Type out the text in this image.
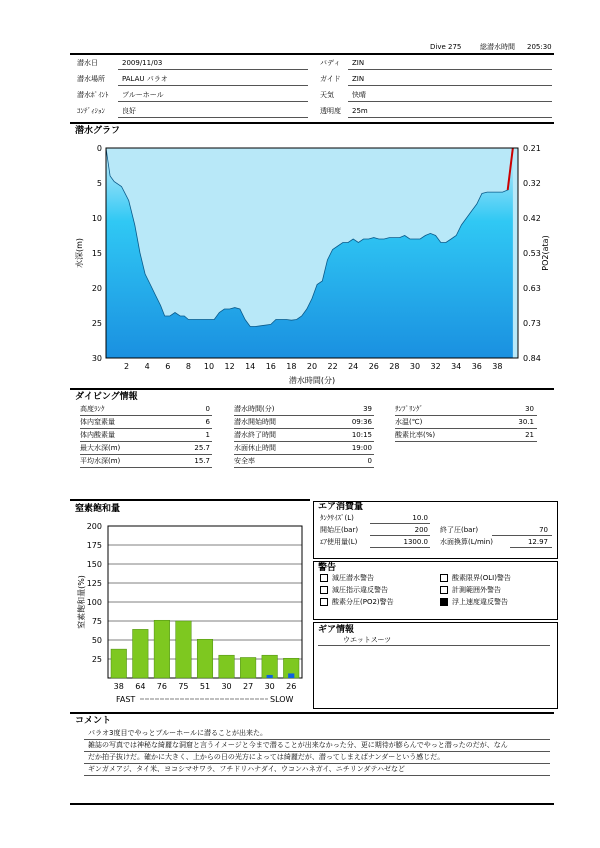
Dive 275	総潜水時間 205:30
潜水日	2009/11/03
潜水場所 PALAU パラオ
潜水ﾎﾟｲﾝﾄ ブルーホール
ｺﾝﾃﾞｨｼｮﾝ 良好
バディ ZIN
ガイド ZIN
天気	快晴
透明度 25m
潜水グラフ
0
5
10
15
20
25
30
0.21
0.32
0.42
0.53
0.63
0.73
0.84
2 4 6 8 10 12 14 16 18 20 22 24 26 28 30 32 34 36 38
潜水時間(分)
水深(m)	PO2(ata)
ダイビング情報
高度ﾗﾝｸ	0
体内窒素量	6
体内酸素量	1
最大水深(m)	25.7
平均水深(m)	15.7
潜水時間(分)	39
潜水開始時間	09:36
潜水終了時間	10:15
水面休止時間	19:00
安全率	0
ｻﾝﾌﾟﾘﾝｸﾞ	30
水温(℃)	30.1
酸素比率(%)	21
窒素飽和量
25
50
75
100
125
150
175
200
38 64 76 75 51 30 27 30 26
窒素飽和量(%)
FAST	SLOW
エア消費量
ﾀﾝｸｻｲｽﾞ(L)	10.0
開始圧(bar)	200 終了圧(bar)	70
ｴｱ使用量(L)	1300.0 水面換算(L/min)	12.97
警告
減圧潜水警告	酸素限界(OLI)警告
減圧指示違反警告	計測範囲外警告
酸素分圧(PO2)警告	浮上速度違反警告
ギア情報
ウエットスーツ
コメント
パラオ3度目でやっとブルーホールに潜ることが出来た。
雑誌の写真では神秘な綺麗な洞窟と言うイメージと今まで潜ることが出来なかった分、更に期待が膨らんでやっと潜ったのだが、なん
だか拍子抜けだ。確かに大きく、上からの日の光方によっては綺麗だが、潜ってしまえばナンダーという感じだ。
ギンガメアジ、タイ米、ヨコシマサワラ、フチドリハナダイ、ウコンハネガイ、ニチリンダテハゼなど
